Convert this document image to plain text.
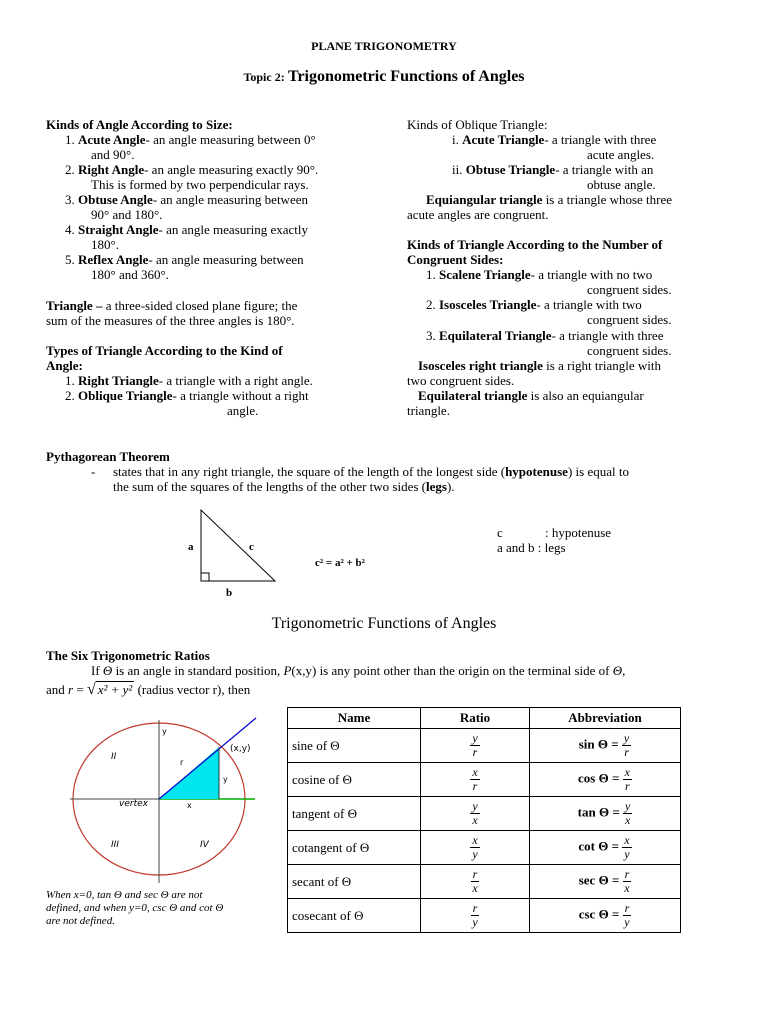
PLANE TRIGONOMETRY
Topic 2: Trigonometric Functions of Angles
Kinds of Angle According to Size:
1. Acute Angle- an angle measuring between 0°
and 90°.
2. Right Angle- an angle measuring exactly 90°.
This is formed by two perpendicular rays.
3. Obtuse Angle- an angle measuring between
90° and 180°.
4. Straight Angle- an angle measuring exactly
180°.
5. Reflex Angle- an angle measuring between
180° and 360°.
Triangle – a three-sided closed plane figure; the
sum of the measures of the three angles is 180°.
Types of Triangle According to the Kind of
Angle:
1. Right Triangle- a triangle with a right angle.
2. Oblique Triangle- a triangle without a right
angle.
Kinds of Oblique Triangle:
i. Acute Triangle- a triangle with three
acute angles.
ii. Obtuse Triangle- a triangle with an
obtuse angle.
Equiangular triangle is a triangle whose three
acute angles are congruent.
Kinds of Triangle According to the Number of
Congruent Sides:
1. Scalene Triangle- a triangle with no two
congruent sides.
2. Isosceles Triangle- a triangle with two
congruent sides.
3. Equilateral Triangle- a triangle with three
congruent sides.
Isosceles right triangle is a right triangle with
two congruent sides.
Equilateral triangle is also an equiangular
triangle.
Pythagorean Theorem
- states that in any right triangle, the square of the length of the longest side (hypotenuse) is equal to
the sum of the squares of the lengths of the other two sides (legs).
a	c
b
c² = a² + b²
c	: hypotenuse
a and b : legs
Trigonometric Functions of Angles
The Six Trigonometric Ratios
If Θ is an angle in standard position, P(x,y) is any point other than the origin on the terminal side of Θ,
and r = √ x² + y² (radius vector r), then
II
III	IV
vertex
(x,y)
y
r
y
x
When x=0, tan Θ and sec Θ are not
defined, and when y=0, csc Θ and cot Θ
are not defined.
Name	Ratio	Abbreviation
sine of Θ	$\frac{y}{r}$	$\sin \Theta = \frac{y}{r}$

cosine of Θ	$\frac{x}{r}$	$\cos \Theta = \frac{x}{r}$

tangent of Θ	$\frac{y}{x}$	$\tan \Theta = \frac{y}{x}$

cotangent of Θ	$\frac{x}{y}$	$\cot \Theta = \frac{x}{y}$

secant of Θ	$\frac{r}{x}$	$\sec \Theta = \frac{r}{x}$

cosecant of Θ	$\frac{r}{y}$	$\csc \Theta = \frac{r}{y}$
